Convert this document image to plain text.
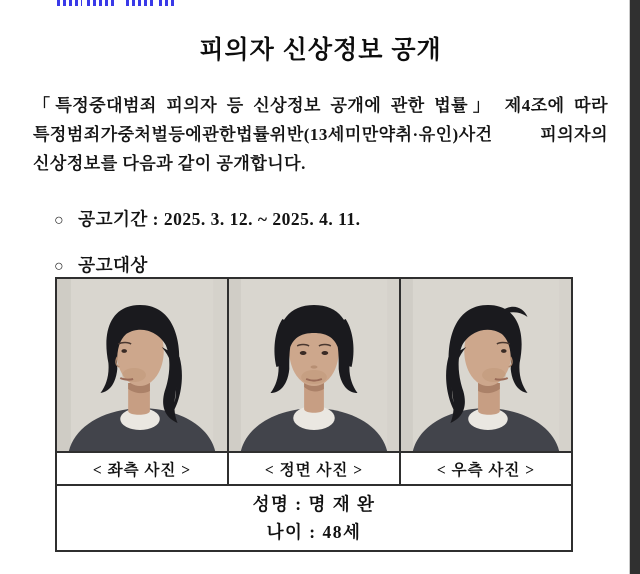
피의자 신상정보 공개
「특정중대범죄 피의자 등 신상정보 공개에 관한 법률」 제4조에 따라
특정범죄가중처벌등에관한법률위반(13세미만약취·유인)사건 피의자의
신상정보를 다음과 같이 공개합니다.
○ 공고기간 : 2025. 3. 12. ~ 2025. 4. 11.
○ 공고대상

< 좌측 사진 >	< 정면 사진 >	< 우측 사진 >

성명 : 명 재 완
나이 : 48세		
